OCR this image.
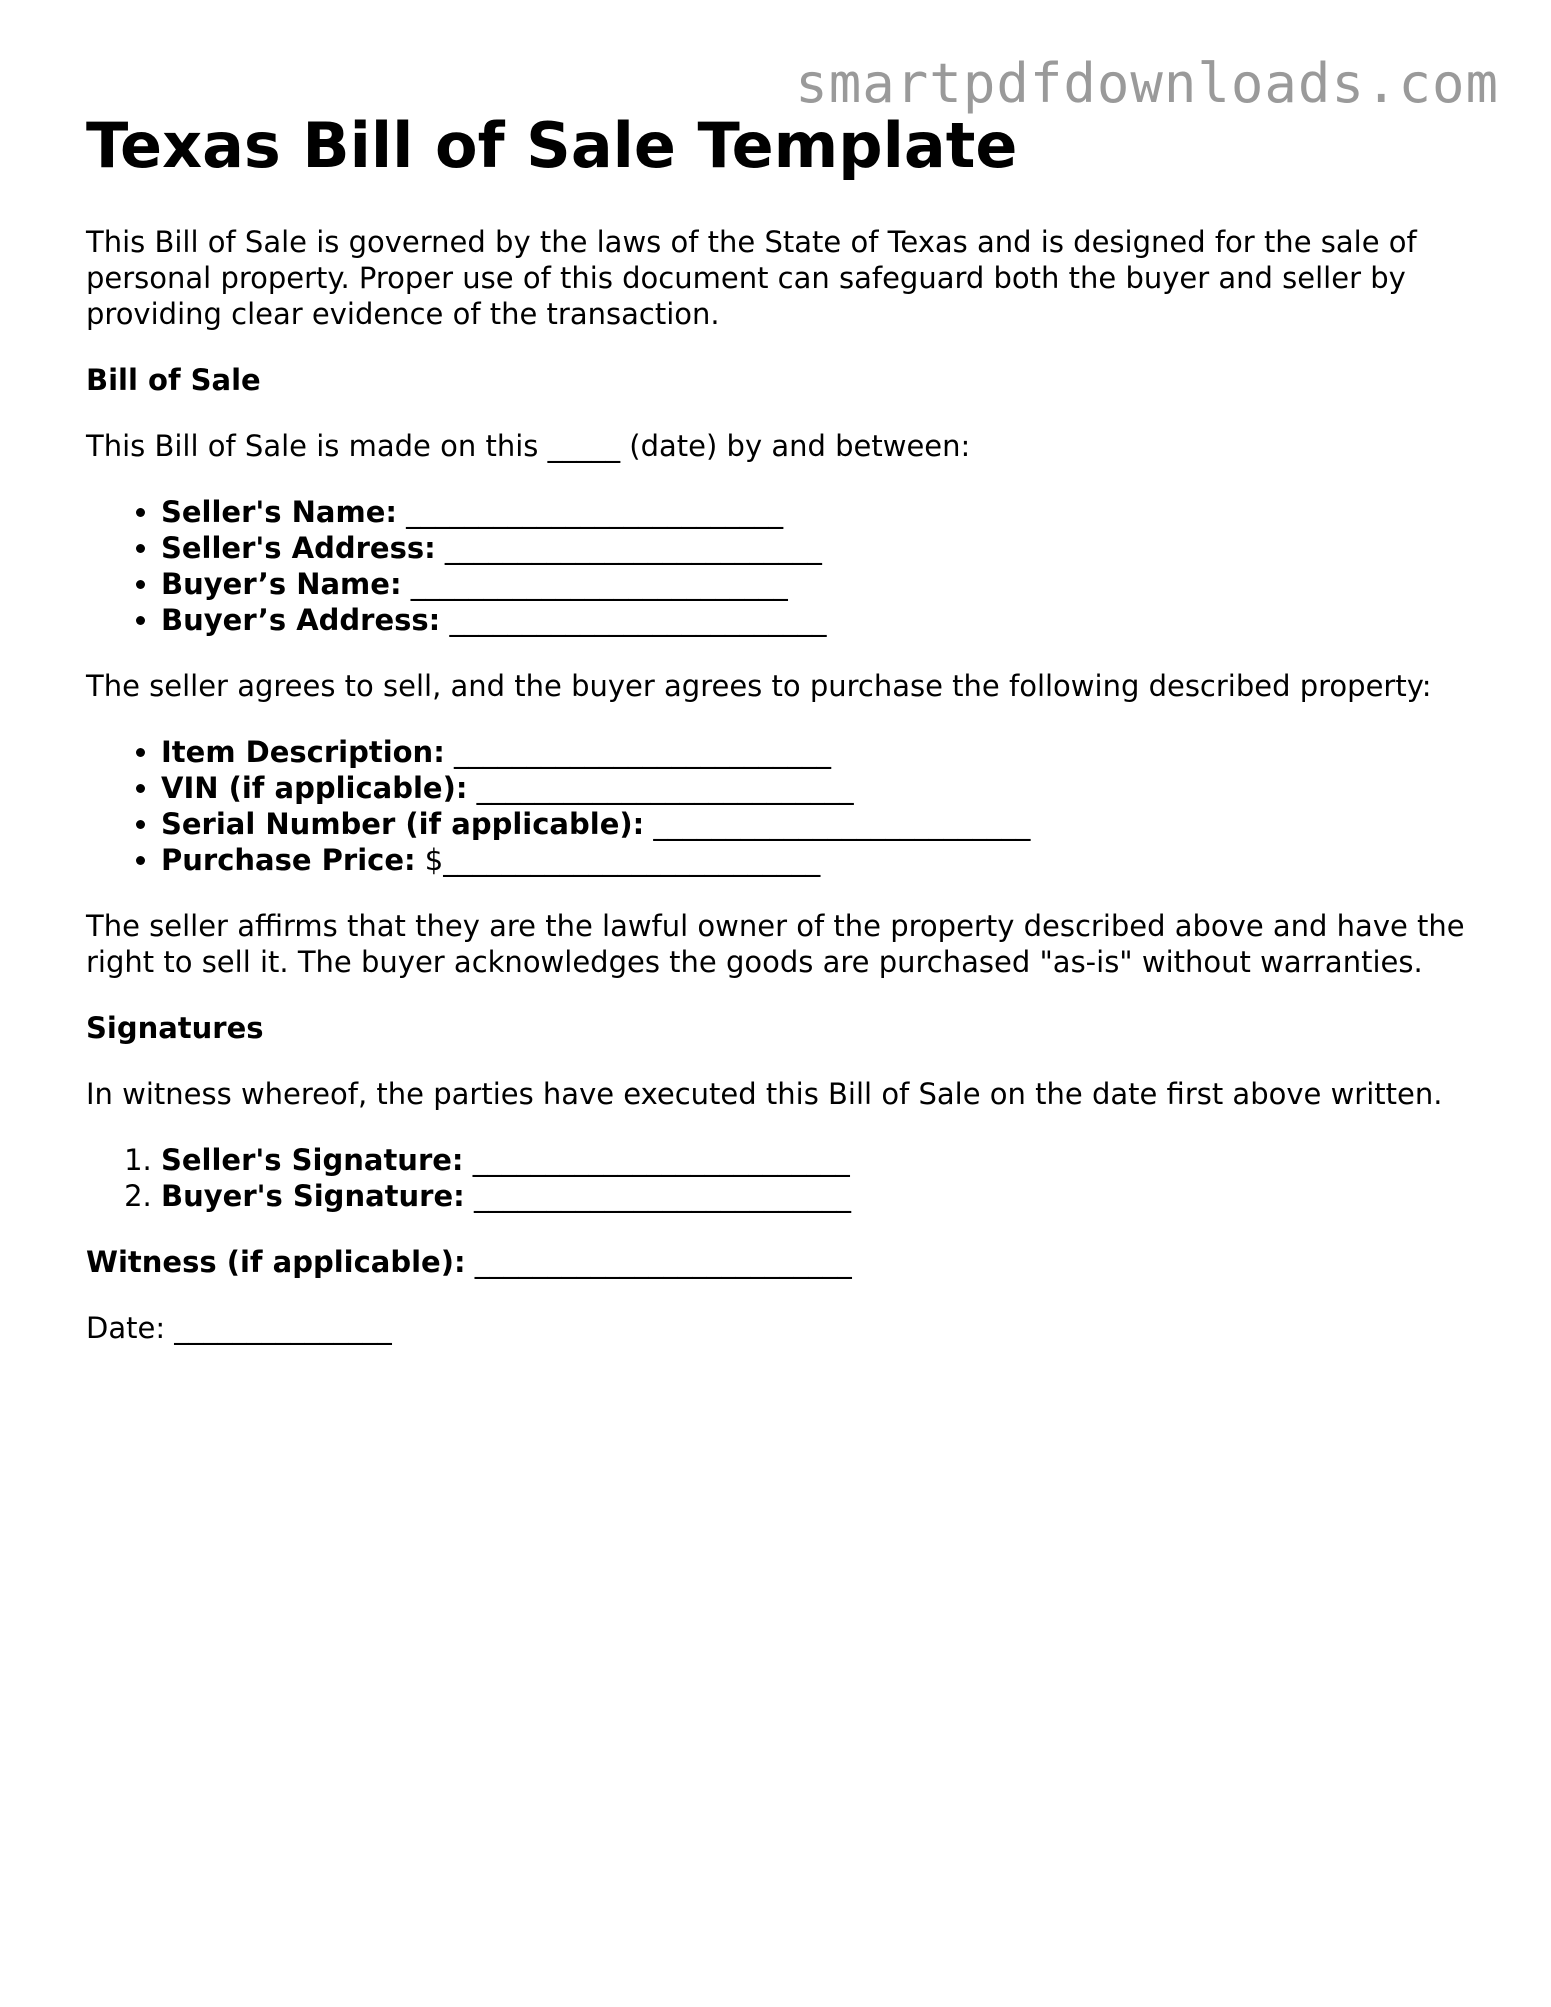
smartpdfdownloads.com
Texas Bill of Sale Template

This Bill of Sale is governed by the laws of the State of Texas and is designed for the sale of personal property. Proper use of this document can safeguard both the buyer and seller by providing clear evidence of the transaction.

Bill of Sale

This Bill of Sale is made on this _____ (date) by and between:

• Seller's Name: __________________________
• Seller's Address: __________________________
• Buyer’s Name: __________________________
• Buyer’s Address: __________________________

The seller agrees to sell, and the buyer agrees to purchase the following described property:

• Item Description: __________________________
• VIN (if applicable): __________________________
• Serial Number (if applicable): __________________________
• Purchase Price: $__________________________

The seller affirms that they are the lawful owner of the property described above and have the right to sell it. The buyer acknowledges the goods are purchased "as-is" without warranties.

Signatures

In witness whereof, the parties have executed this Bill of Sale on the date first above written.

1. Seller's Signature: __________________________
2. Buyer's Signature: __________________________
Witness (if applicable): __________________________
Date: _______________
